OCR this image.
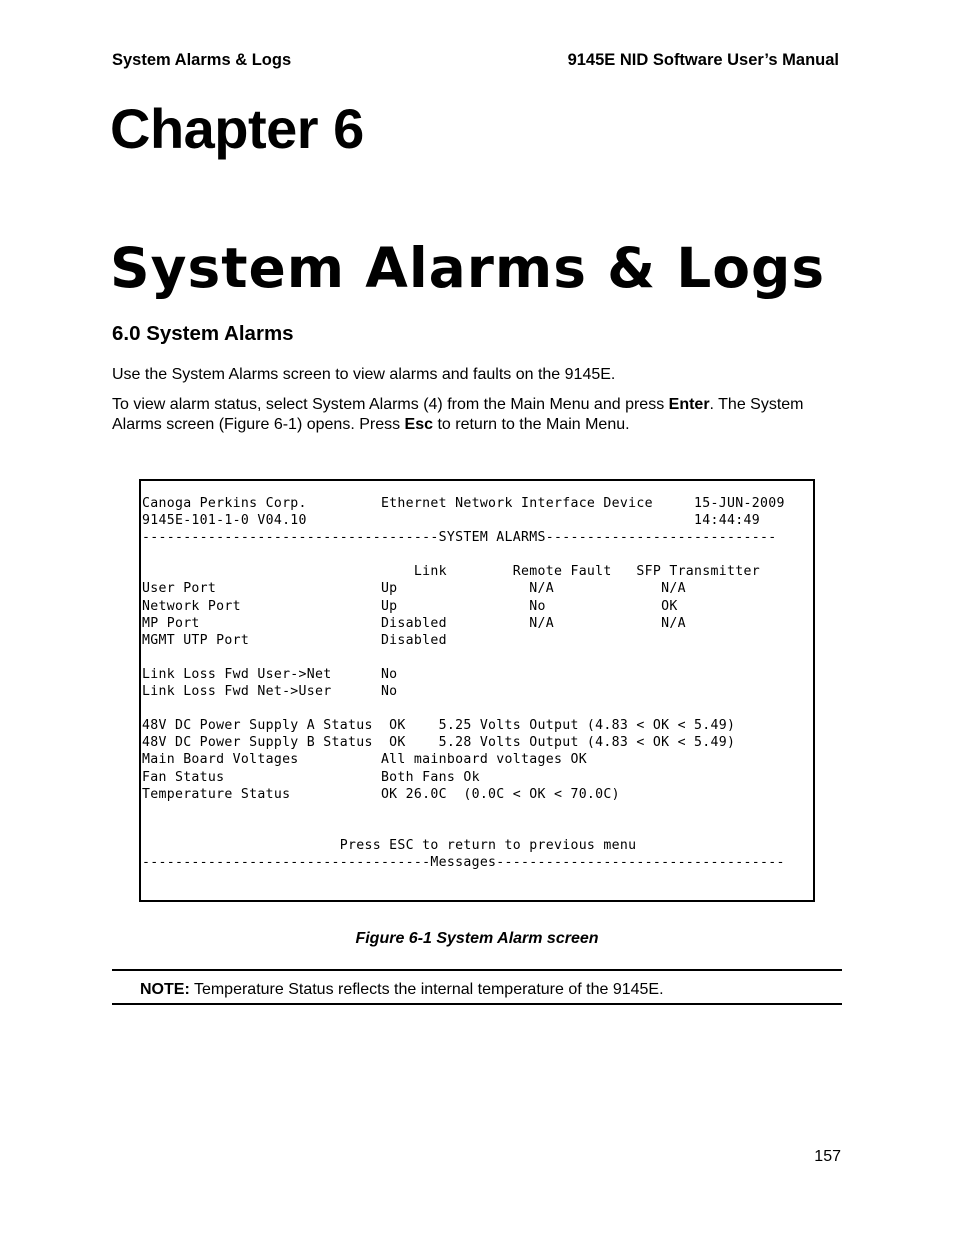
System Alarms & Logs	9145E NID Software User’s Manual
Chapter 6
System Alarms & Logs
6.0 System Alarms
Use the System Alarms screen to view alarms and faults on the 9145E.
To view alarm status, select System Alarms (4) from the Main Menu and press Enter. The System Alarms screen (Figure 6-1) opens. Press Esc to return to the Main Menu.
Canoga Perkins Corp.         Ethernet Network Interface Device     15-JUN-2009
9145E-101-1-0 V04.10                                               14:44:49
------------------------------------SYSTEM ALARMS----------------------------

Link        Remote Fault   SFP Transmitter
User Port                    Up                N/A             N/A
Network Port                 Up                No              OK
MP Port                      Disabled          N/A             N/A
MGMT UTP Port                Disabled

Link Loss Fwd User->Net      No
Link Loss Fwd Net->User      No

48V DC Power Supply A Status  OK    5.25 Volts Output (4.83 < OK < 5.49)
48V DC Power Supply B Status  OK    5.28 Volts Output (4.83 < OK < 5.49)
Main Board Voltages          All mainboard voltages OK
Fan Status                   Both Fans Ok
Temperature Status           OK 26.0C  (0.0C < OK < 70.0C)

Press ESC to return to previous menu
-----------------------------------Messages-----------------------------------
Figure 6-1 System Alarm screen
NOTE: Temperature Status reflects the internal temperature of the 9145E.
157
